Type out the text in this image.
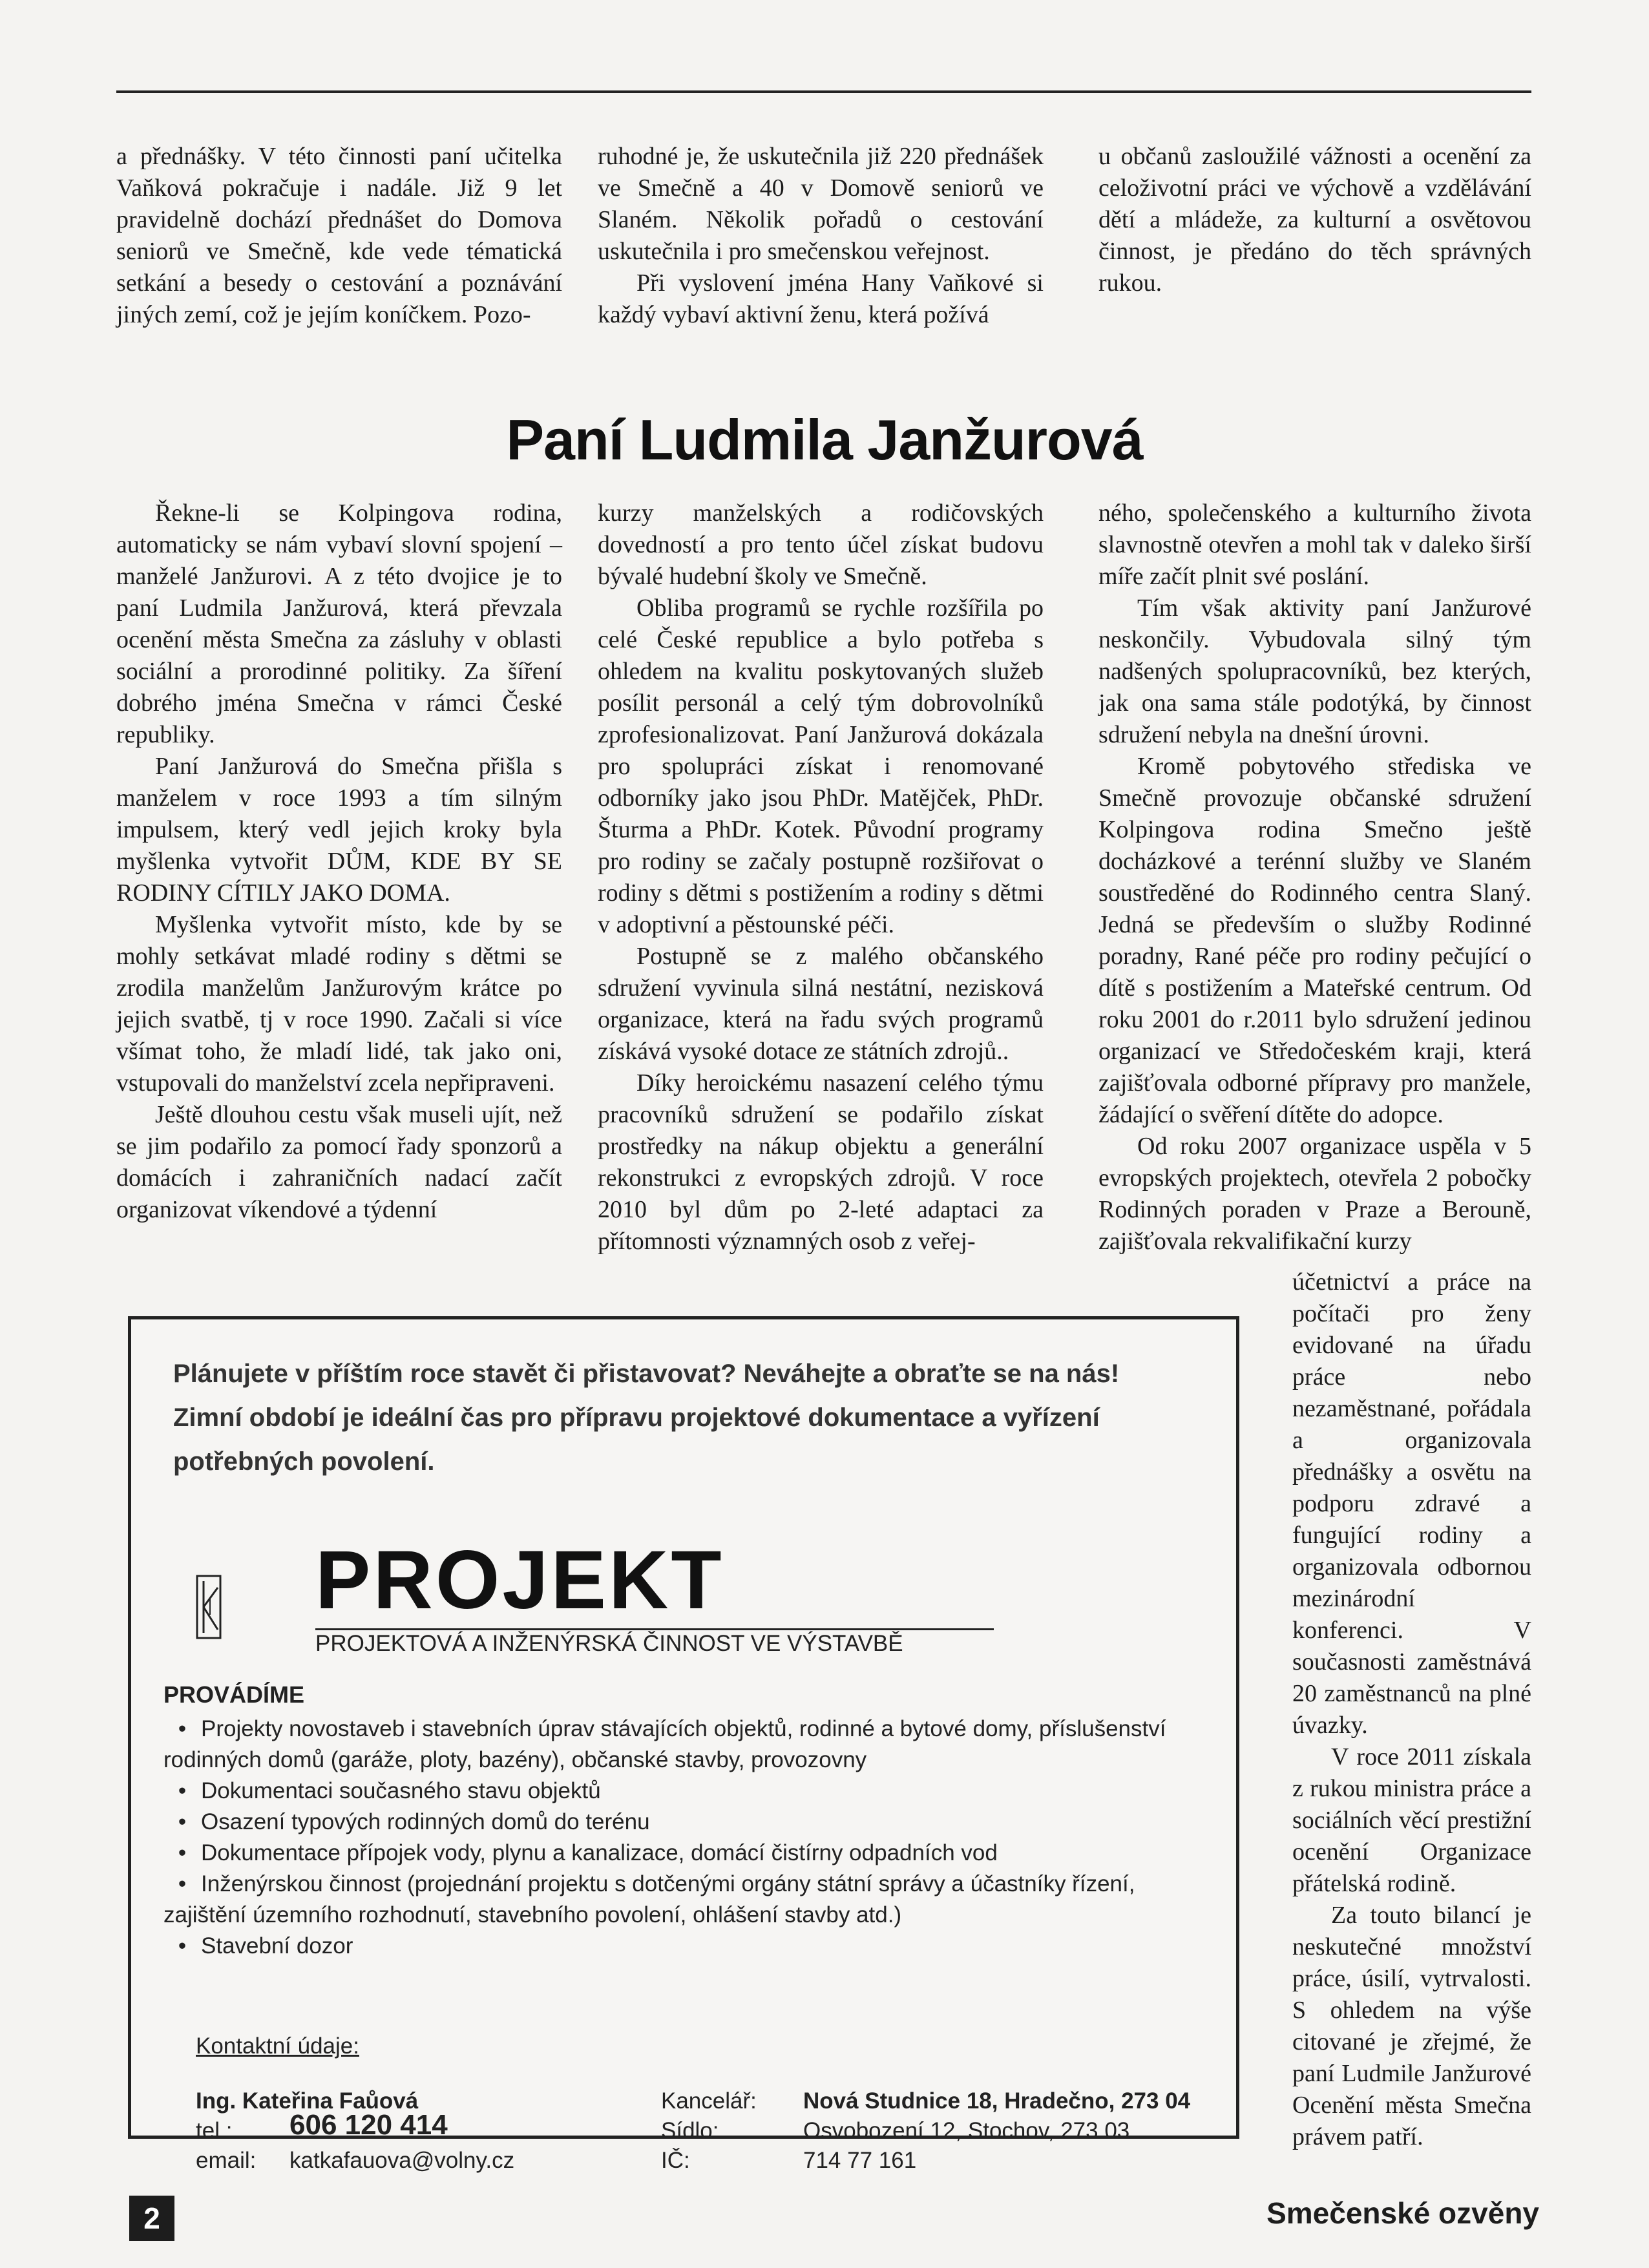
a přednášky. V této činnosti paní učitelka Vaňková pokračuje i nadále. Již 9 let pravidelně dochází přednášet do Domova seniorů ve Smečně, kde vede tématická setkání a besedy o cestování a poznávání jiných zemí, což je jejím koníčkem. Pozo-

ruhodné je, že uskutečnila již 220 přednášek ve Smečně a 40 v Domově seniorů ve Slaném. Několik pořadů o cestování uskutečnila i pro smečenskou veřejnost.

Při vyslovení jména Hany Vaňkové si každý vybaví aktivní ženu, která požívá

u občanů zasloužilé vážnosti a ocenění za celoživotní práci ve výchově a vzdělávání dětí a mládeže, za kulturní a osvětovou činnost, je předáno do těch správných rukou.

Paní Ludmila Janžurová

Řekne-li se Kolpingova rodina, automaticky se nám vybaví slovní spojení – manželé Janžurovi. A z této dvojice je to paní Ludmila Janžurová, která převzala ocenění města Smečna za zásluhy v oblasti sociální a prorodinné politiky. Za šíření dobrého jména Smečna v rámci České republiky.

Paní Janžurová do Smečna přišla s manželem v roce 1993 a tím silným impulsem, který vedl jejich kroky byla myšlenka vytvořit DŮM, KDE BY SE RODINY CÍTILY JAKO DOMA.

Myšlenka vytvořit místo, kde by se mohly setkávat mladé rodiny s dětmi se zrodila manželům Janžurovým krátce po jejich svatbě, tj v roce 1990. Začali si více všímat toho, že mladí lidé, tak jako oni, vstupovali do manželství zcela nepřipraveni.

Ještě dlouhou cestu však museli ujít, než se jim podařilo za pomocí řady sponzorů a domácích i zahraničních nadací začít organizovat víkendové a týdenní

kurzy manželských a rodičovských dovedností a pro tento účel získat budovu bývalé hudební školy ve Smečně.

Obliba programů se rychle rozšířila po celé České republice a bylo potřeba s ohledem na kvalitu poskytovaných služeb posílit personál a celý tým dobrovolníků zprofesionalizovat. Paní Janžurová dokázala pro spolupráci získat i renomované odborníky jako jsou PhDr. Matějček, PhDr. Šturma a PhDr. Kotek. Původní programy pro rodiny se začaly postupně rozšiřovat o rodiny s dětmi s postižením a rodiny s dětmi v adoptivní a pěstounské péči.

Postupně se z malého občanského sdružení vyvinula silná nestátní, nezisková organizace, která na řadu svých programů získává vysoké dotace ze státních zdrojů..

Díky heroickému nasazení celého týmu pracovníků sdružení se podařilo získat prostředky na nákup objektu a generální rekonstrukci z evropských zdrojů. V roce 2010 byl dům po 2-leté adaptaci za přítomnosti významných osob z veřej-

ného, společenského a kulturního života slavnostně otevřen a mohl tak v daleko širší míře začít plnit své poslání.

Tím však aktivity paní Janžurové neskončily. Vybudovala silný tým nadšených spolupracovníků, bez kterých, jak ona sama stále podotýká, by činnost sdružení nebyla na dnešní úrovni.

Kromě pobytového střediska ve Smečně provozuje občanské sdružení Kolpingova rodina Smečno ještě docházkové a terénní služby ve Slaném soustředěné do Rodinného centra Slaný. Jedná se především o služby Rodinné poradny, Rané péče pro rodiny pečující o dítě s postižením a Mateřské centrum. Od roku 2001 do r.2011 bylo sdružení jedinou organizací ve Středočeském kraji, která zajišťovala odborné přípravy pro manžele, žádající o svěření dítěte do adopce.

Od roku 2007 organizace uspěla v 5 evropských projektech, otevřela 2 pobočky Rodinných poraden v Praze a Berouně, zajišťovala rekvalifikační kurzy

účetnictví a práce na počítači pro ženy evidované na úřadu práce nebo nezaměstnané, pořádala a organizovala přednášky a osvětu na podporu zdravé a fungující rodiny a organizovala odbornou mezinárodní konferenci. V současnosti zaměstnává 20 zaměstnanců na plné úvazky.

V roce 2011 získala z rukou ministra práce a sociálních věcí prestižní ocenění Organizace přátelská rodině.

Za touto bilancí je neskutečné množství práce, úsilí, vytrvalosti. S ohledem na výše citované je zřejmé, že paní Ludmile Janžurové Ocenění města Smečna právem patří.

Plánujete v příštím roce stavět či přistavovat? Neváhejte a obraťte se na nás!
Zimní období je ideální čas pro přípravu projektové dokumentace a vyřízení potřebných povolení.
PROJEKT
PROJEKTOVÁ A INŽENÝRSKÁ ČINNOST VE VÝSTAVBĚ
PROVÁDÍME
• Projekty novostaveb i stavebních úprav stávajících objektů, rodinné a bytové domy, příslušenství rodinných domů (garáže, ploty, bazény), občanské stavby, provozovny
• Dokumentaci současného stavu objektů
• Osazení typových rodinných domů do terénu
• Dokumentace přípojek vody, plynu a kanalizace, domácí čistírny odpadních vod
• Inženýrskou činnost (projednání projektu s dotčenými orgány státní správy a účastníky řízení, zajištění územního rozhodnutí, stavebního povolení, ohlášení stavby atd.)
• Stavební dozor
Kontaktní údaje:
Ing. Kateřina Faůová
tel.: 606 120 414
email: katkafauova@volny.cz
Kancelář: Nová Studnice 18, Hradečno, 273 04
Sídlo:	Osvobození 12, Stochov, 273 03
IČ:	714 77 161
2	Smečenské ozvěny
